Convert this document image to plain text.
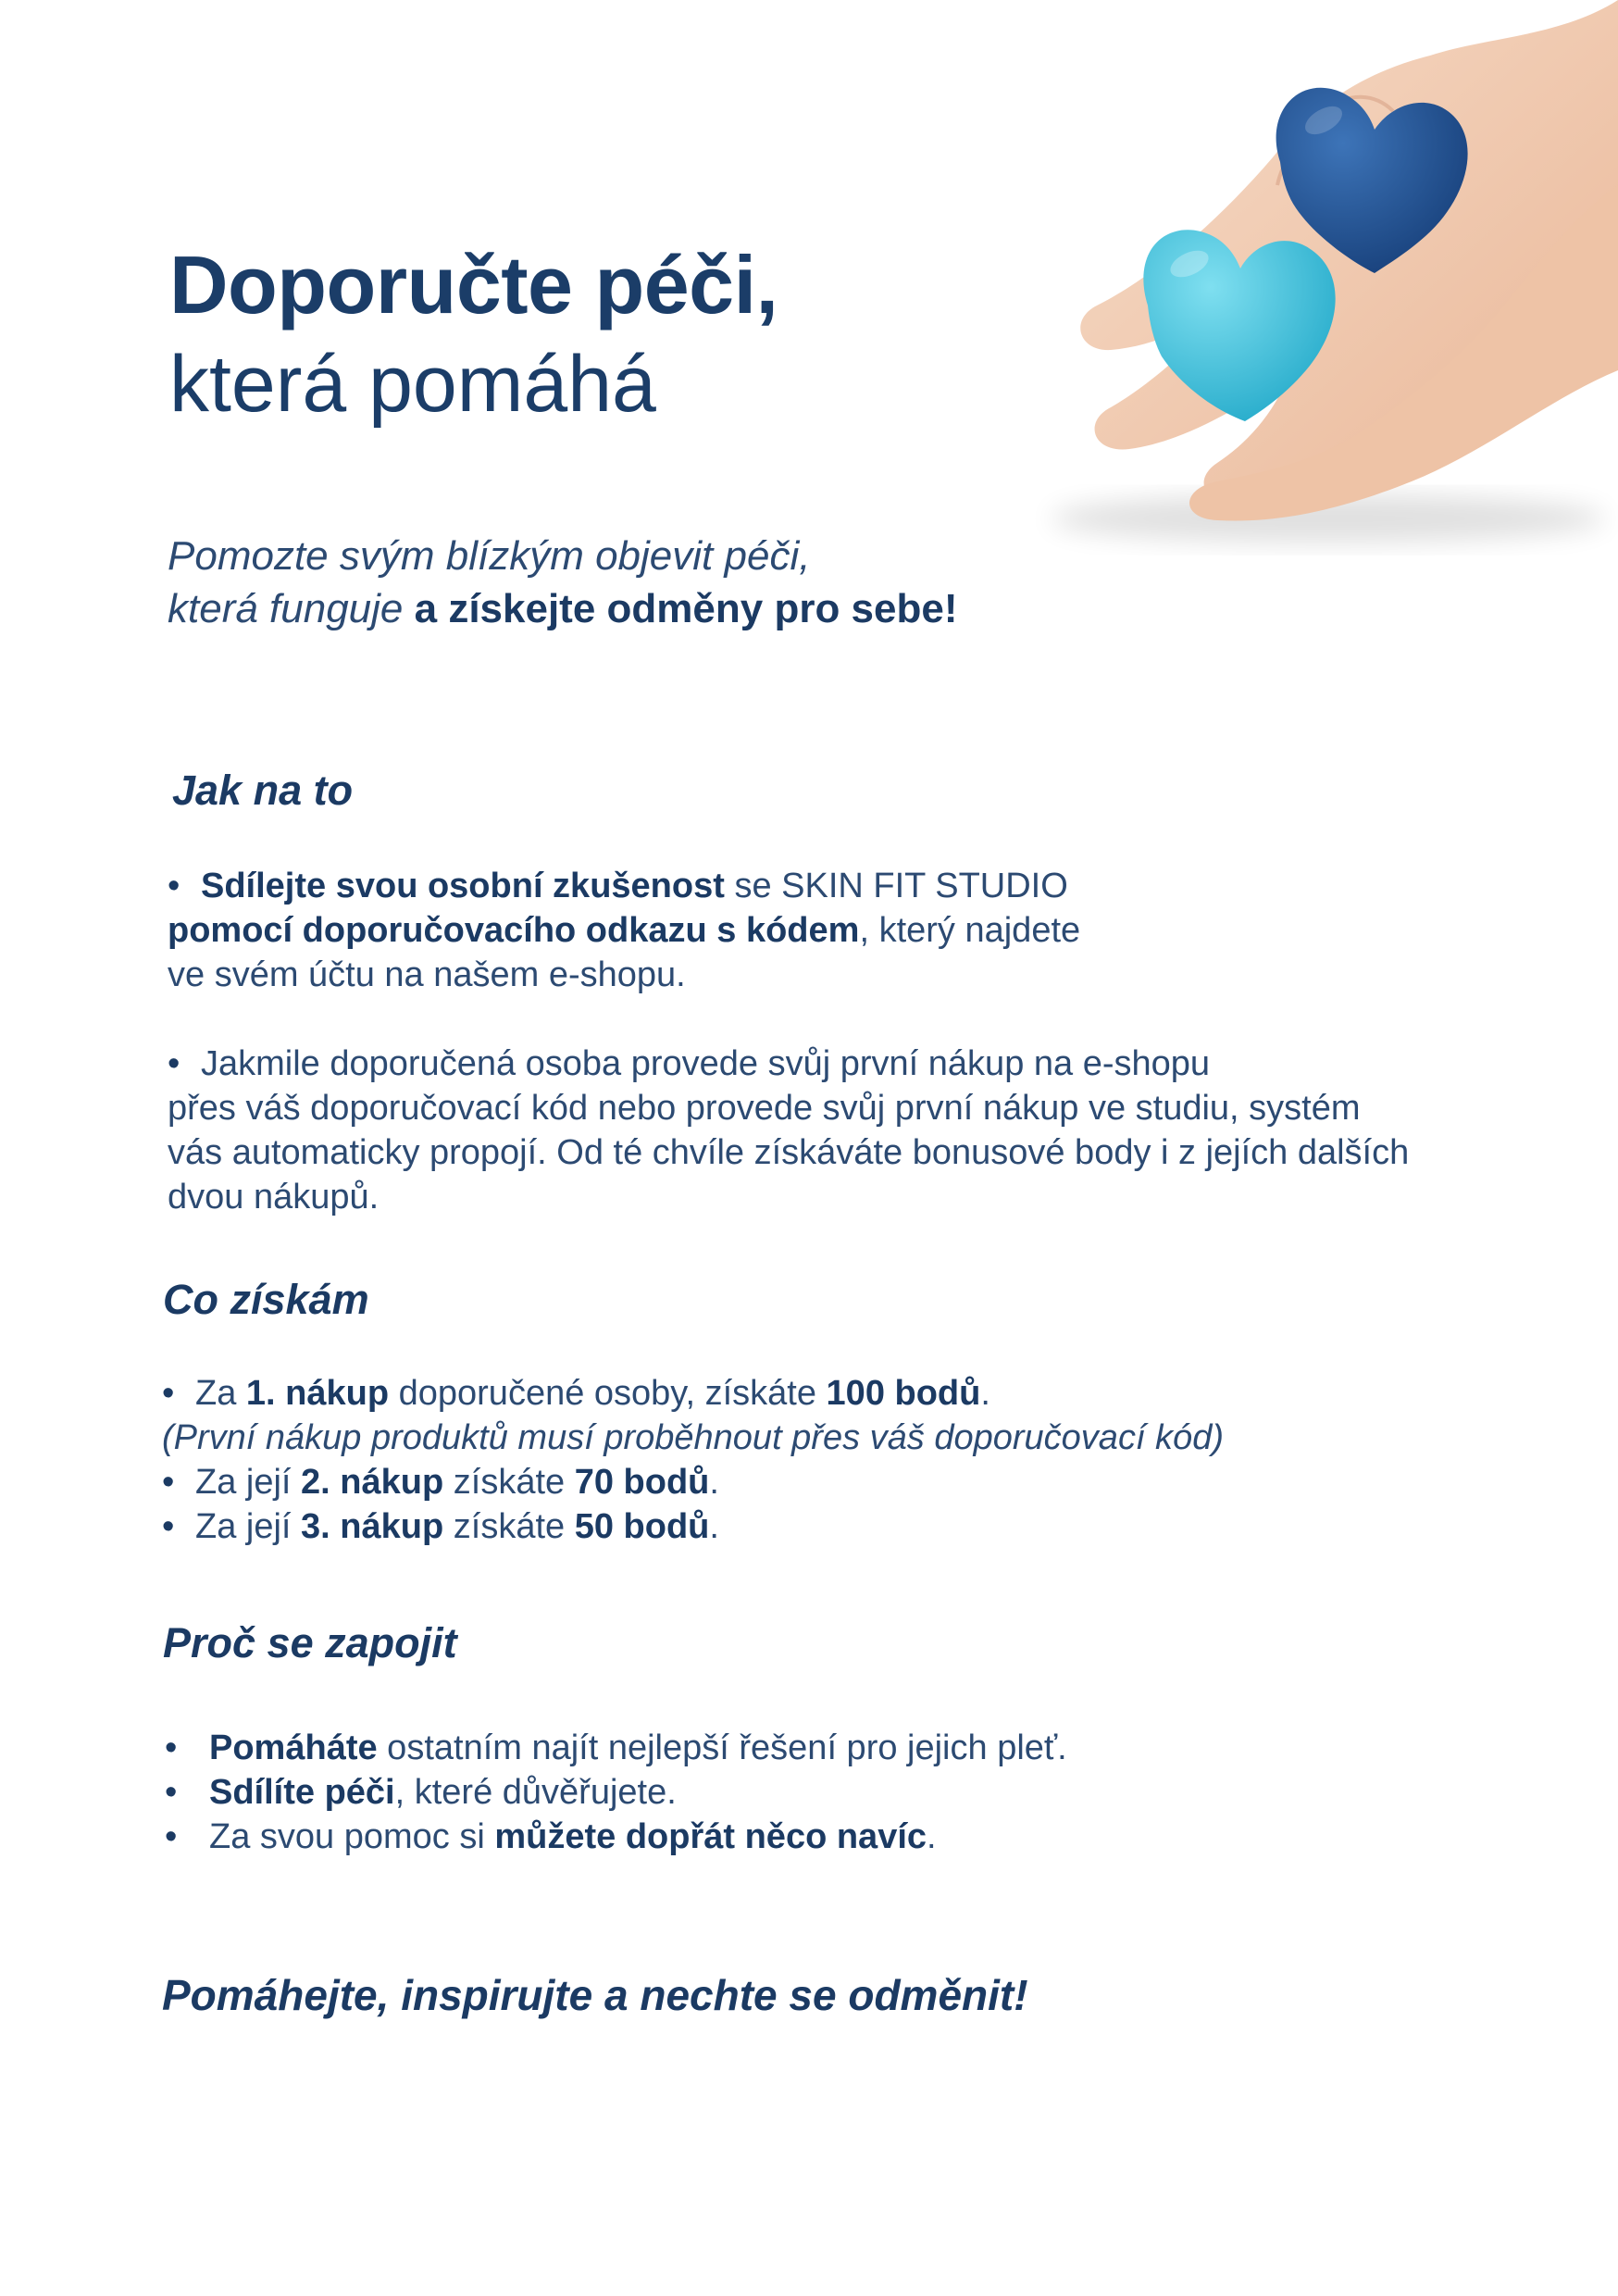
Doporučte péči,
která pomáhá
Pomozte svým blízkým objevit péči,
která funguje a získejte odměny pro sebe!
Jak na to
• Sdílejte svou osobní zkušenost se SKIN FIT STUDIO
pomocí doporučovacího odkazu s kódem, který najdete
ve svém účtu na našem e-shopu.
• Jakmile doporučená osoba provede svůj první nákup na e-shopu
přes váš doporučovací kód nebo provede svůj první nákup ve studiu, systém
vás automaticky propojí. Od té chvíle získáváte bonusové body i z jejích dalších
dvou nákupů.
Co získám
• Za 1. nákup doporučené osoby, získáte 100 bodů.
(První nákup produktů musí proběhnout přes váš doporučovací kód)
• Za její 2. nákup získáte 70 bodů.
• Za její 3. nákup získáte 50 bodů.
Proč se zapojit
• Pomáháte ostatním najít nejlepší řešení pro jejich pleť.
• Sdílíte péči, které důvěřujete.
• Za svou pomoc si můžete dopřát něco navíc.

Pomáhejte, inspirujte a nechte se odměnit!
